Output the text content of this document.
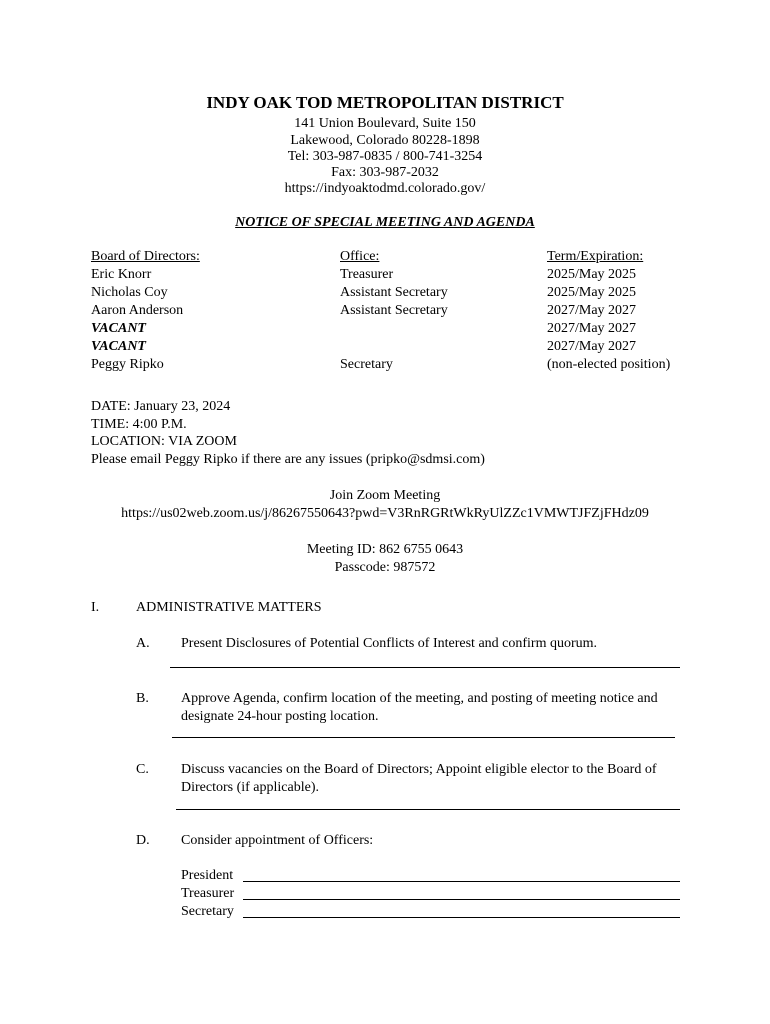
INDY OAK TOD METROPOLITAN DISTRICT
141 Union Boulevard, Suite 150
Lakewood, Colorado 80228-1898
Tel: 303-987-0835 / 800-741-3254
Fax: 303-987-2032
https://indyoaktodmd.colorado.gov/
NOTICE OF SPECIAL MEETING AND AGENDA
Board of Directors:
Eric Knorr
Nicholas Coy
Aaron Anderson
VACANT
VACANT
Peggy Ripko
Office:
Treasurer
Assistant Secretary
Assistant Secretary
Secretary
Term/Expiration:
2025/May 2025
2025/May 2025
2027/May 2027
2027/May 2027
2027/May 2027
(non-elected position)
DATE: January 23, 2024
TIME: 4:00 P.M.
LOCATION: VIA ZOOM
Please email Peggy Ripko if there are any issues (pripko@sdmsi.com)
Join Zoom Meeting
https://us02web.zoom.us/j/86267550643?pwd=V3RnRGRtWkRyUlZZc1VMWTJFZjFHdz09
Meeting ID: 862 6755 0643
Passcode: 987572
I.	ADMINISTRATIVE MATTERS
A. Present Disclosures of Potential Conflicts of Interest and confirm quorum.
B. Approve Agenda, confirm location of the meeting, and posting of meeting notice and designate 24-hour posting location.
C. Discuss vacancies on the Board of Directors; Appoint eligible elector to the Board of Directors (if applicable).
D. Consider appointment of Officers:
President
Treasurer
Secretary
